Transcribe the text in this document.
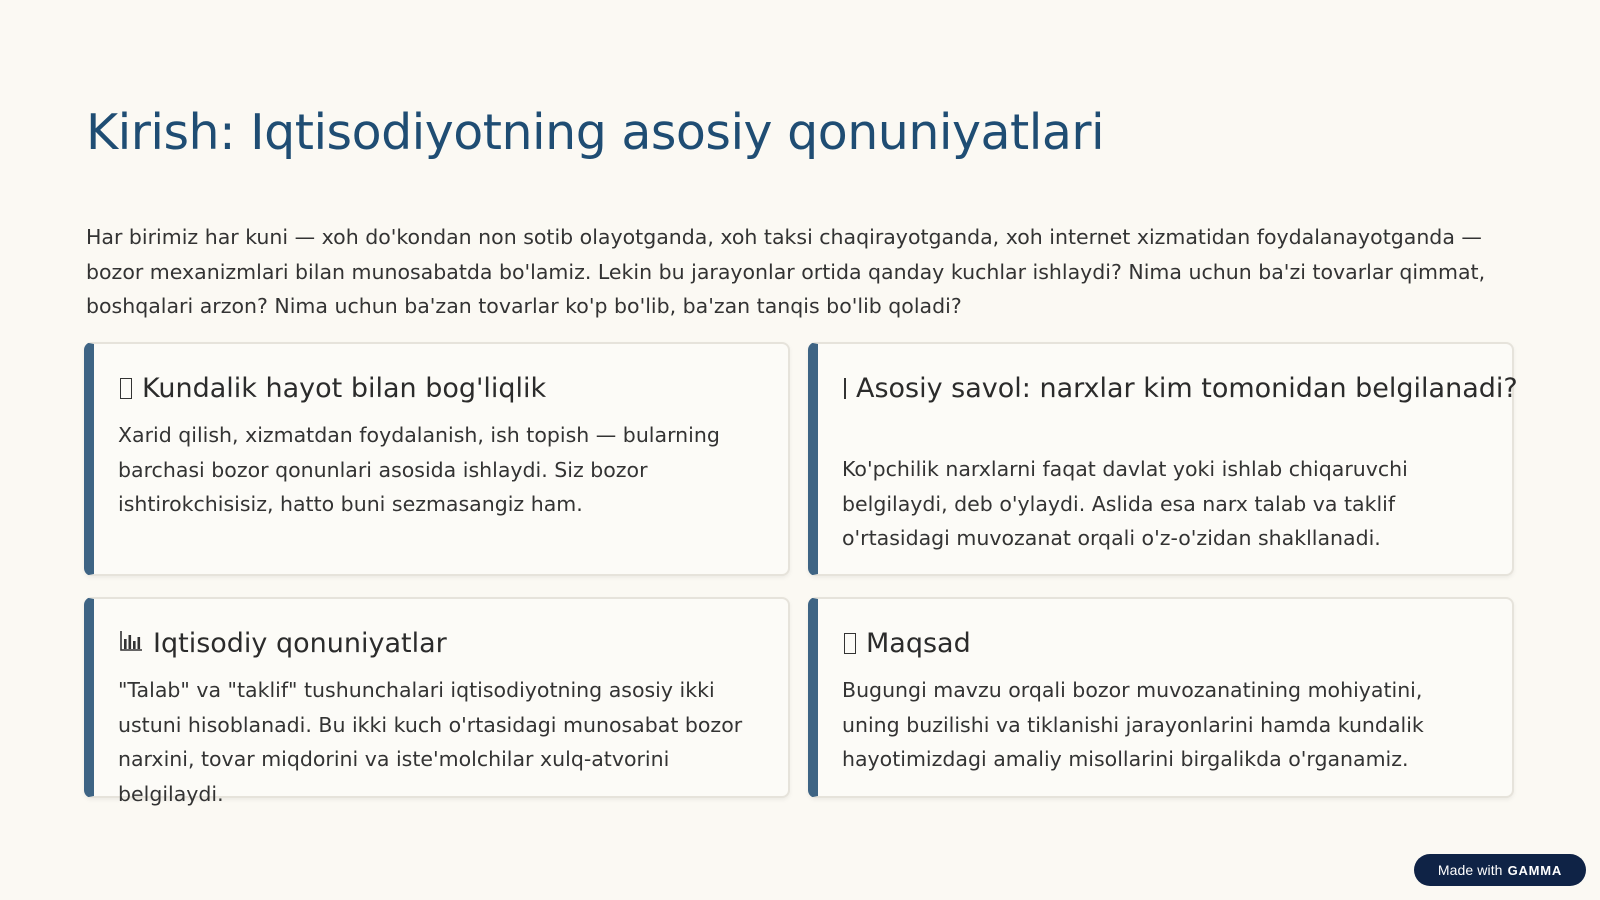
Kirish: Iqtisodiyotning asosiy qonuniyatlari

Har birimiz har kuni — xoh do'kondan non sotib olayotganda, xoh taksi chaqirayotganda, xoh internet xizmatidan foydalanayotganda — bozor mexanizmlari bilan munosabatda bo'lamiz. Lekin bu jarayonlar ortida qanday kuchlar ishlaydi? Nima uchun ba'zi tovarlar qimmat, boshqalari arzon? Nima uchun ba'zan tovarlar ko'p bo'lib, ba'zan tanqis bo'lib qoladi?

Kundalik hayot bilan bog'liqlik

Xarid qilish, xizmatdan foydalanish, ish topish — bularning barchasi bozor qonunlari asosida ishlaydi. Siz bozor ishtirokchisisiz, hatto buni sezmasangiz ham.

Asosiy savol: narxlar kim tomonidan belgilanadi?

Ko'pchilik narxlarni faqat davlat yoki ishlab chiqaruvchi belgilaydi, deb o'ylaydi. Aslida esa narx talab va taklif o'rtasidagi muvozanat orqali o'z-o'zidan shakllanadi.

Iqtisodiy qonuniyatlar

"Talab" va "taklif" tushunchalari iqtisodiyotning asosiy ikki ustuni hisoblanadi. Bu ikki kuch o'rtasidagi munosabat bozor narxini, tovar miqdorini va iste'molchilar xulq-atvorini belgilaydi.

Maqsad

Bugungi mavzu orqali bozor muvozanatining mohiyatini, uning buzilishi va tiklanishi jarayonlarini hamda kundalik hayotimizdagi amaliy misollarini birgalikda o'rganamiz.

Made with GAMMA
